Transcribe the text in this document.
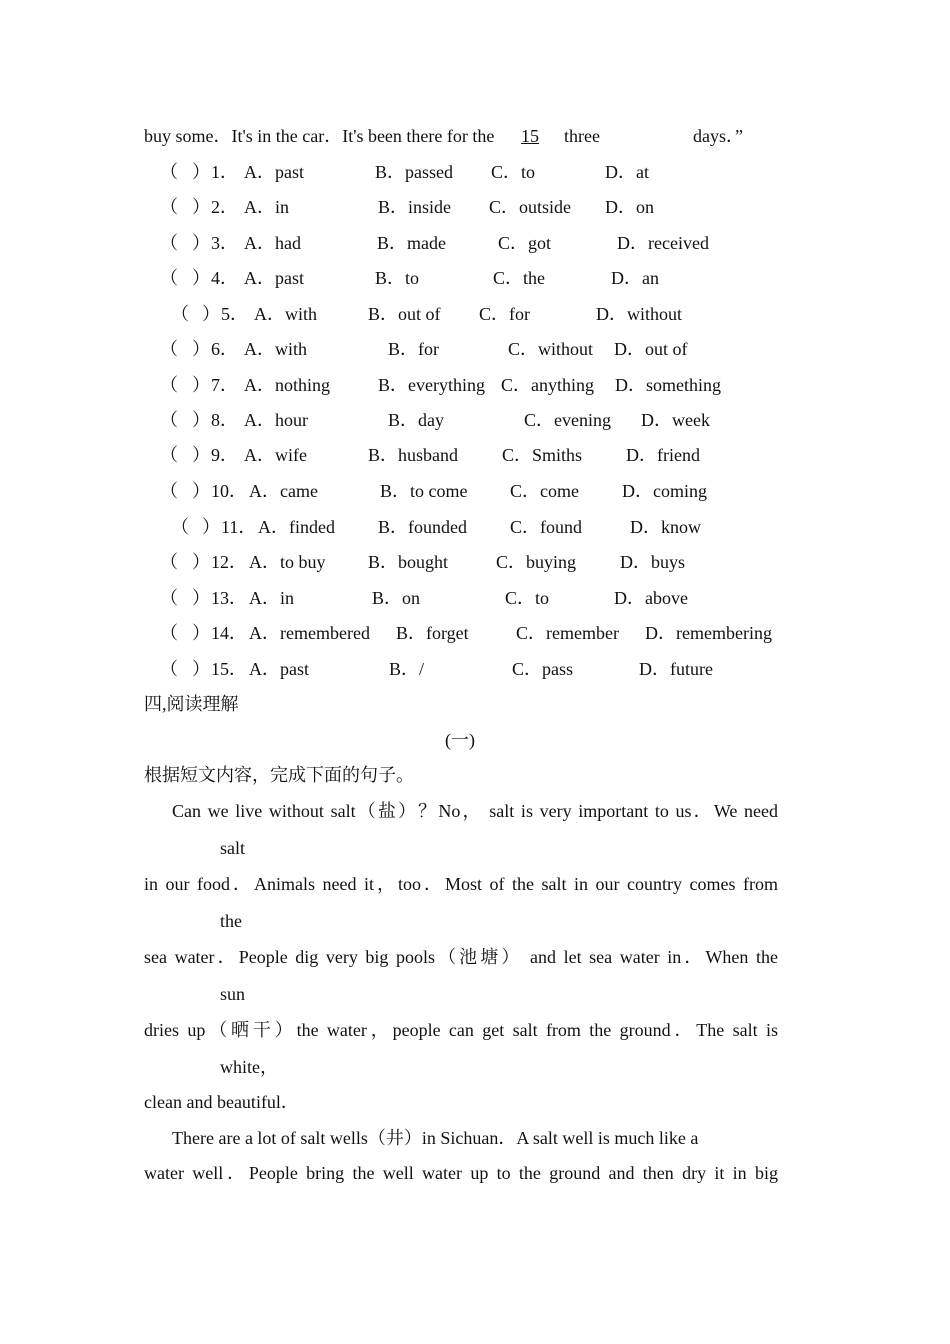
buy some．It's in the car．It's been there for the 15 three	days．”
（ ） 1． A．past	B．passed C．to	D．at
（ ） 2． A．in	B．inside C．outside D．on
（ ） 3． A．had	B．made	C．got	D．received
（ ） 4． A．past	B．to	C．the	D．an
（ ） 5． A．with	B．out of C．for	D．without
（ ） 6． A．with	B．for	C．without D．out of
（ ） 7． A．nothing	B．everything C．anything D．something
（ ） 8． A．hour	B．day	C．evening D．week
（ ） 9． A．wife	B．husband C．Smiths D．friend
（ ） 10． A．came	B．to come C．come D．coming
（ ） 11． A．finded B．founded C．found	D．know
（ ） 12． A．to buy B．bought	C．buying D．buys
（ ） 13． A．in	B．on	C．to	D．above
（ ） 14． A．remembered B．forget	C．remember D．remembering
（ ） 15． A．past	B．/	C．pass	D．future
四,阅读理解
(一)
根据短文内容，完成下面的句子。
Can we live without salt（盐）？No， salt is very important to us．We need
salt
in our food．Animals need it，too．Most of the salt in our country comes from
the
sea water．People dig very big pools（池塘） and let sea water in．When the
sun
dries up（晒干）the water，people can get salt from the ground．The salt is
white，
clean and beautiful．
There are a lot of salt wells（井）in Sichuan．A salt well is much like a
water well．People bring the well water up to the ground and then dry it in big
